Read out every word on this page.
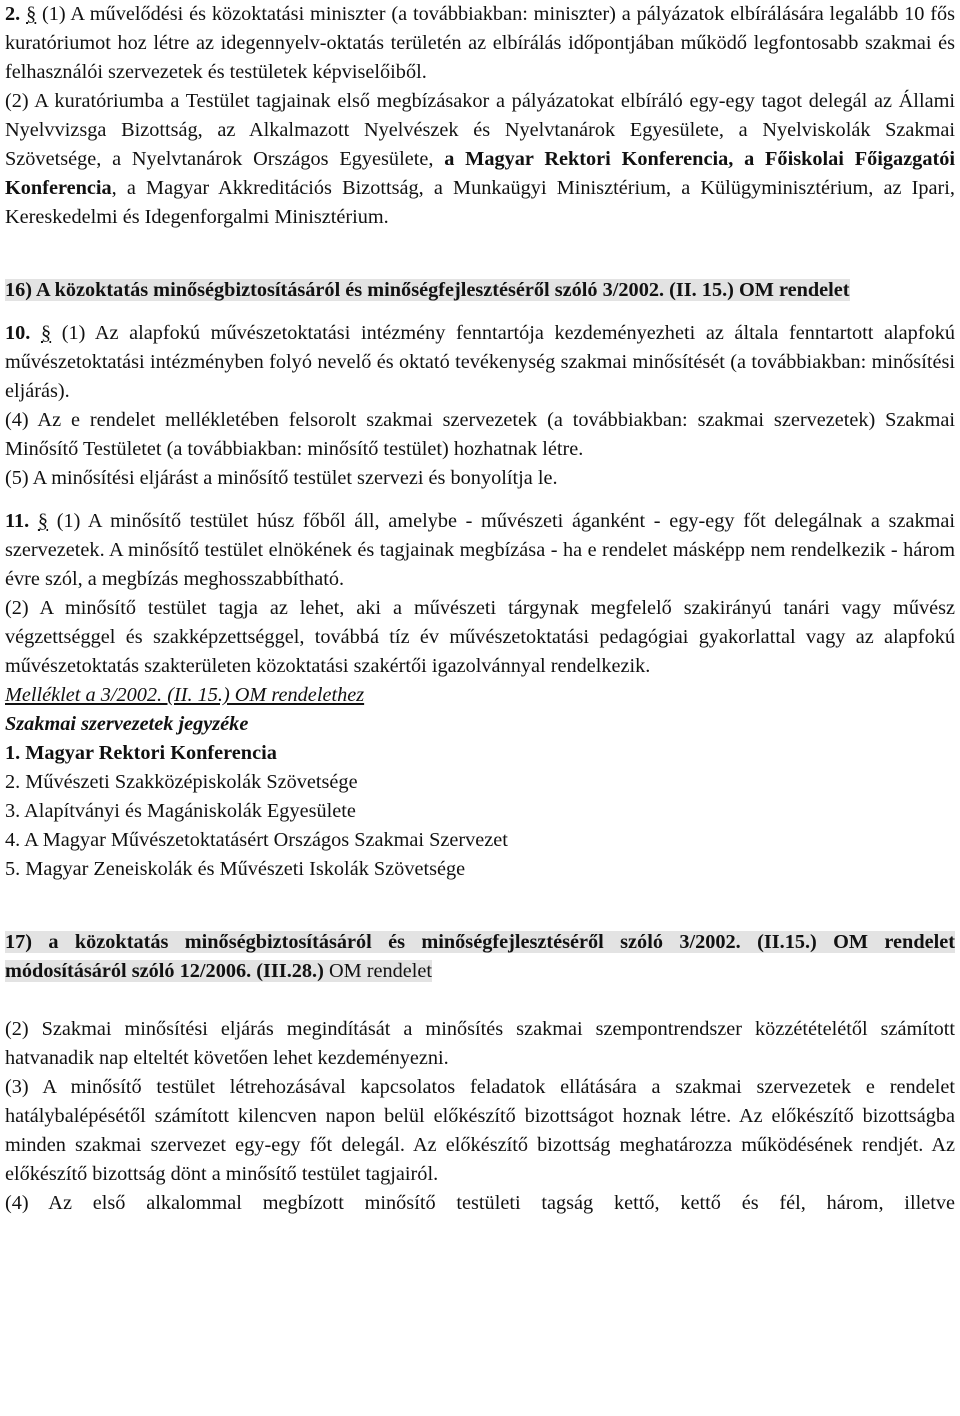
2. § (1) A művelődési és közoktatási miniszter (a továbbiakban: miniszter) a pályázatok elbírálására legalább 10 fős kuratóriumot hoz létre az idegennyelv-oktatás területén az elbírálás időpontjában működő legfontosabb szakmai és felhasználói szervezetek és testületek képviselőiből.

(2) A kuratóriumba a Testület tagjainak első megbízásakor a pályázatokat elbíráló egy-egy tagot delegál az Állami Nyelvvizsga Bizottság, az Alkalmazott Nyelvészek és Nyelvtanárok Egyesülete, a Nyelviskolák Szakmai Szövetsége, a Nyelvtanárok Országos Egyesülete, a Magyar Rektori Konferencia, a Főiskolai Főigazgatói Konferencia, a Magyar Akkreditációs Bizottság, a Munkaügyi Minisztérium, a Külügyminisztérium, az Ipari, Kereskedelmi és Idegenforgalmi Minisztérium.

16) A közoktatás minőségbiztosításáról és minőségfejlesztéséről szóló 3/2002. (II. 15.) OM rendelet

10. § (1) Az alapfokú művészetoktatási intézmény fenntartója kezdeményezheti az általa fenntartott alapfokú művészetoktatási intézményben folyó nevelő és oktató tevékenység szakmai minősítését (a továbbiakban: minősítési eljárás).

(4) Az e rendelet mellékletében felsorolt szakmai szervezetek (a továbbiakban: szakmai szervezetek) Szakmai Minősítő Testületet (a továbbiakban: minősítő testület) hozhatnak létre.

(5) A minősítési eljárást a minősítő testület szervezi és bonyolítja le.

11. § (1) A minősítő testület húsz főből áll, amelybe - művészeti áganként - egy-egy főt delegálnak a szakmai szervezetek. A minősítő testület elnökének és tagjainak megbízása - ha e rendelet másképp nem rendelkezik - három évre szól, a megbízás meghosszabbítható.

(2) A minősítő testület tagja az lehet, aki a művészeti tárgynak megfelelő szakirányú tanári vagy művész végzettséggel és szakképzettséggel, továbbá tíz év művészetoktatási pedagógiai gyakorlattal vagy az alapfokú művészetoktatás szakterületen közoktatási szakértői igazolvánnyal rendelkezik.

Melléklet a 3/2002. (II. 15.) OM rendelethez

Szakmai szervezetek jegyzéke

1. Magyar Rektori Konferencia

2. Művészeti Szakközépiskolák Szövetsége

3. Alapítványi és Magániskolák Egyesülete

4. A Magyar Művészetoktatásért Országos Szakmai Szervezet

5. Magyar Zeneiskolák és Művészeti Iskolák Szövetsége

17) a közoktatás minőségbiztosításáról és minőségfejlesztéséről szóló 3/2002. (II.15.) OM rendelet módosításáról szóló 12/2006. (III.28.) OM rendelet

(2) Szakmai minősítési eljárás megindítását a minősítés szakmai szempontrendszer közzétételétől számított hatvanadik nap elteltét követően lehet kezdeményezni.

(3) A minősítő testület létrehozásával kapcsolatos feladatok ellátására a szakmai szervezetek e rendelet hatálybalépésétől számított kilencven napon belül előkészítő bizottságot hoznak létre. Az előkészítő bizottságba minden szakmai szervezet egy-egy főt delegál. Az előkészítő bizottság meghatározza működésének rendjét. Az előkészítő bizottság dönt a minősítő testület tagjairól.

(4) Az első alkalommal megbízott minősítő testületi tagság kettő, kettő és fél, három, illetve
